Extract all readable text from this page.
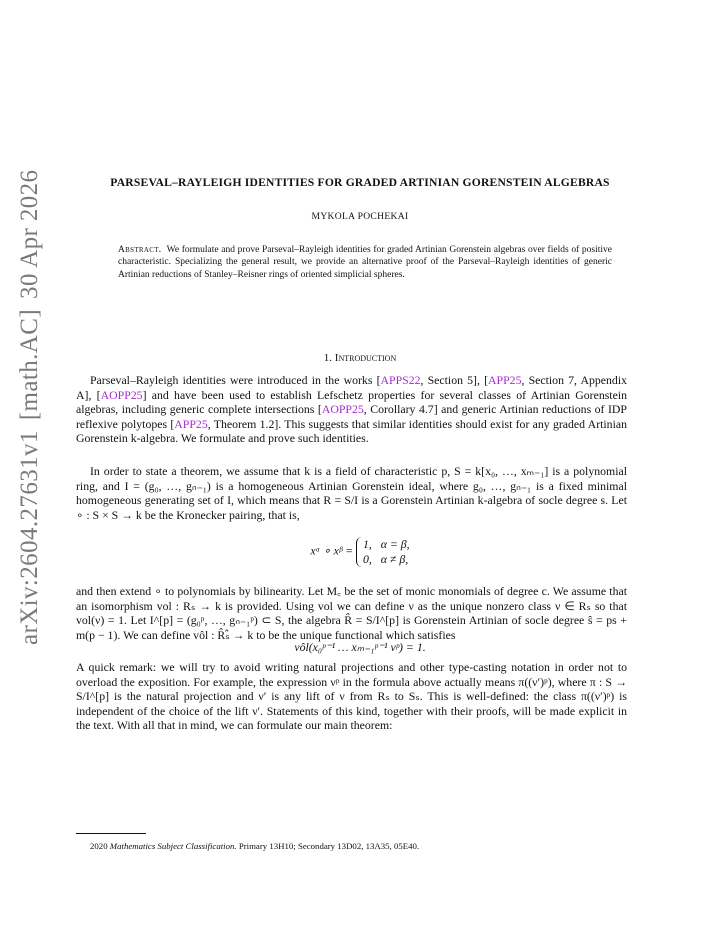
arXiv:2604.27631v1[math.AC]30 Apr 2026	PARSEVAL–RAYLEIGH IDENTITIES FOR GRADED ARTINIAN GORENSTEIN ALGEBRAS
MYKOLA POCHEKAI
Abstract. We formulate and prove Parseval–Rayleigh identities for graded Artinian Gorenstein algebras over fields of positive characteristic. Specializing the general result, we provide an alternative proof of the Parseval–Rayleigh identities of generic Artinian reductions of Stanley–Reisner rings of oriented simplicial spheres.
1. Introduction
Parseval–Rayleigh identities were introduced in the works [APPS22, Section 5], [APP25, Section 7, Appendix A], [AOPP25] and have been used to establish Lefschetz properties for several classes of Artinian Gorenstein algebras, including generic complete intersections [AOPP25, Corollary 4.7] and generic Artinian reductions of IDP reflexive polytopes [APP25, Theorem 1.2]. This suggests that similar identities should exist for any graded Artinian Gorenstein k-algebra. We formulate and prove such identities.
In order to state a theorem, we assume that k is a field of characteristic p, S = k[x₀, …, xₘ₋₁] is a polynomial ring, and I = (g₀, …, gₙ₋₁) is a homogeneous Artinian Gorenstein ideal, where g₀, …, gₙ₋₁ is a fixed minimal homogeneous generating set of I, which means that R = S/I is a Gorenstein Artinian k-algebra of socle degree s. Let ∘ : S × S → k be the Kronecker pairing, that is,
xᵅ ∘ xᵝ = 1, α = β,
0, α ≠ β,
and then extend ∘ to polynomials by bilinearity. Let M꜀ be the set of monic monomials of degree c. We assume that an isomorphism vol : Rₛ → k is provided. Using vol we can define ν as the unique nonzero class ν ∈ Rₛ so that vol(ν) = 1. Let I^[p] = (g₀ᵖ, …, gₙ₋₁ᵖ) ⊂ S, the algebra R̂ = S/I^[p] is Gorenstein Artinian of socle degree ŝ = ps + m(p − 1). We can define vôl : R̂ₛ̂ → k to be the unique functional which satisfies
vôl(x₀ᵖ⁻¹ … xₘ₋₁ᵖ⁻¹ νᵖ) = 1.
A quick remark: we will try to avoid writing natural projections and other type-casting notation in order not to overload the exposition. For example, the expression νᵖ in the formula above actually means π((ν′)ᵖ), where π : S → S/I^[p] is the natural projection and ν′ is any lift of ν from Rₛ to Sₛ. This is well-defined: the class π((ν′)ᵖ) is independent of the choice of the lift ν′. Statements of this kind, together with their proofs, will be made explicit in the text. With all that in mind, we can formulate our main theorem:
2020 Mathematics Subject Classification. Primary 13H10; Secondary 13D02, 13A35, 05E40.
